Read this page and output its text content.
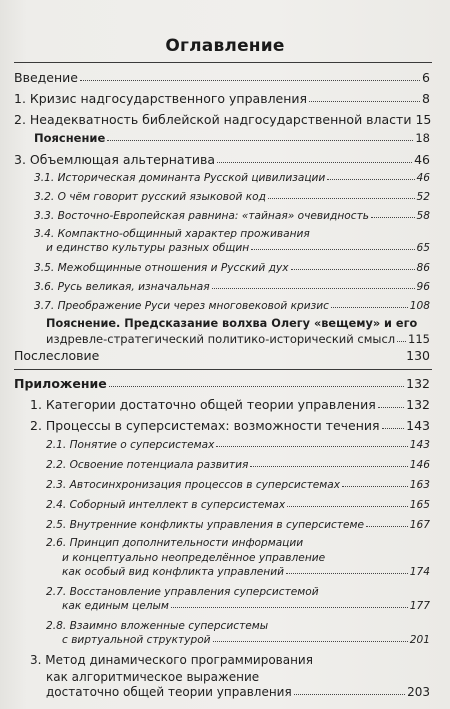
Оглавление
Введение	6
1. Кризис надгосударственного управления	8
2. Неадекватность библейской надгосударственной власти 15
Пояснение	18
3. Объемлющая альтернатива	46
3.1. Историческая доминанта Русской цивилизации	46
3.2. О чём говорит русский языковой код	52
3.3. Восточно-Европейская равнина: «тайная» очевидность	58
3.4. Компактно-общинный характер проживания
и единство культуры разных общин	65
3.5. Межобщинные отношения и Русский дух	86
3.6. Русь великая, изначальная	96
3.7. Преображение Руси через многовековой кризис	108
Пояснение. Предсказание волхва Олегу «вещему» и его
издревле-стратегический политико-исторический смысл 115
Послесловие	130
Приложение	132
1. Категории достаточно общей теории управления 132
2. Процессы в суперсистемах: возможности течения 143
2.1. Понятие о суперсистемах	143
2.2. Освоение потенциала развития	146
2.3. Автосинхронизация процессов в суперсистемах	163
2.4. Соборный интеллект в суперсистемах	165
2.5. Внутренние конфликты управления в суперсистеме	167
2.6. Принцип дополнительности информации
и концептуально неопределённое управление
как особый вид конфликта управлений	174
2.7. Восстановление управления суперсистемой
как единым целым	177
2.8. Взаимно вложенные суперсистемы
с виртуальной структурой	201
3. Метод динамического программирования
как алгоритмическое выражение
достаточно общей теории управления	203
